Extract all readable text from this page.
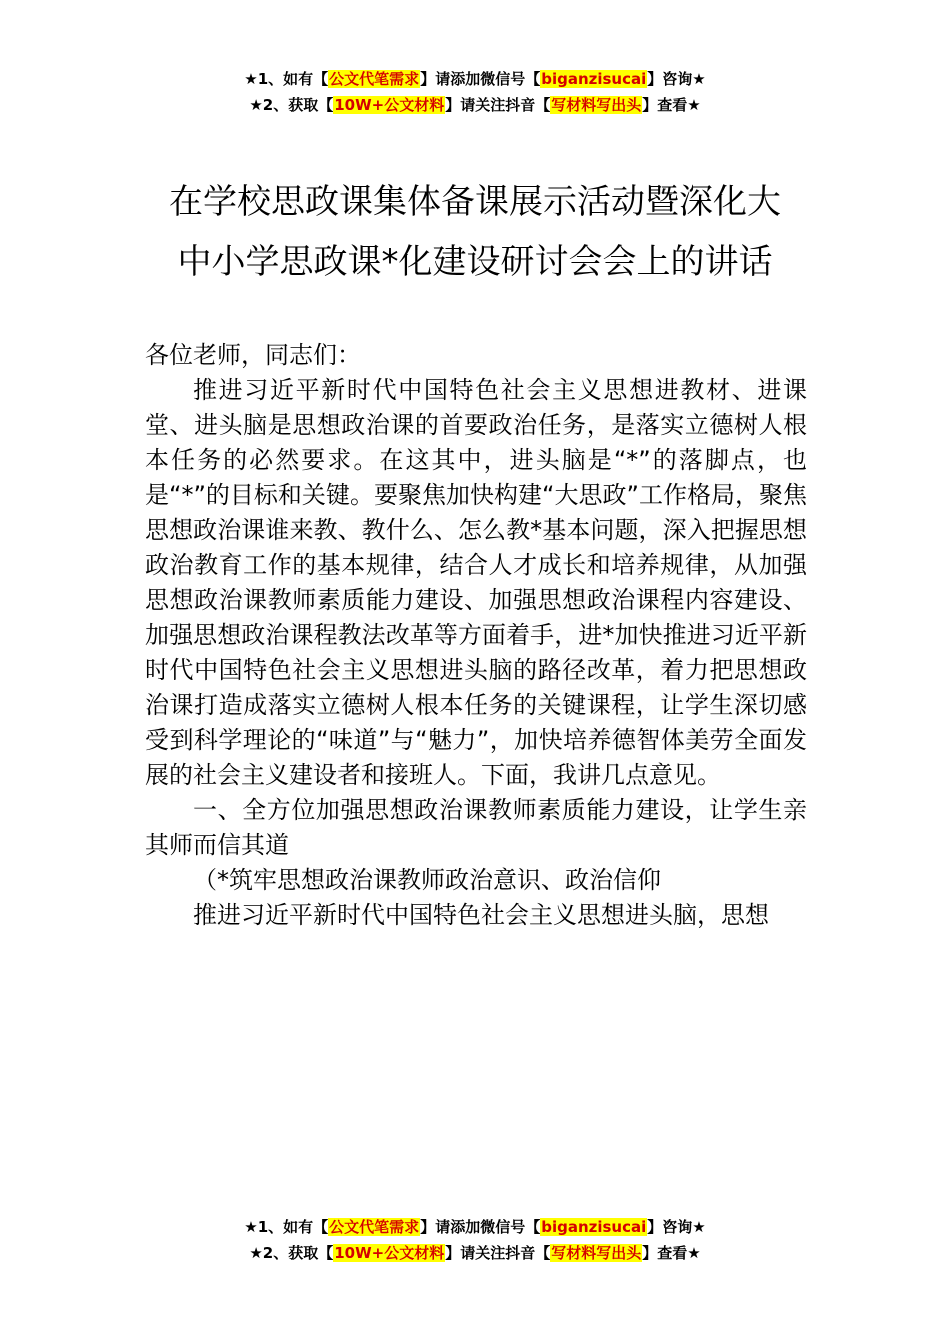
★1、如有【公文代笔需求】请添加微信号【biganzisucai】咨询★
★2、获取【10W+公文材料】请关注抖音【写材料写出头】查看★
在学校思政课集体备课展示活动暨深化大
中小学思政课*化建设研讨会会上的讲话

各位老师，同志们：

推进习近平新时代中国特色社会主义思想进教材、进课堂、进头脑是思想政治课的首要政治任务，是落实立德树人根本任务的必然要求。在这其中，进头脑是“*”的落脚点，也是“*”的目标和关键。要聚焦加快构建“大思政”工作格局，聚焦思想政治课谁来教、教什么、怎么教*基本问题，深入把握思想政治教育工作的基本规律，结合人才成长和培养规律，从加强思想政治课教师素质能力建设、加强思想政治课程内容建设、加强思想政治课程教法改革等方面着手，进*加快推进习近平新时代中国特色社会主义思想进头脑的路径改革，着力把思想政治课打造成落实立德树人根本任务的关键课程，让学生深切感受到科学理论的“味道”与“魅力”，加快培养德智体美劳全面发展的社会主义建设者和接班人。下面，我讲几点意见。

一、全方位加强思想政治课教师素质能力建设，让学生亲其师而信其道

（*筑牢思想政治课教师政治意识、政治信仰

推进习近平新时代中国特色社会主义思想进头脑，思想

★1、如有【公文代笔需求】请添加微信号【biganzisucai】咨询★
★2、获取【10W+公文材料】请关注抖音【写材料写出头】查看★
